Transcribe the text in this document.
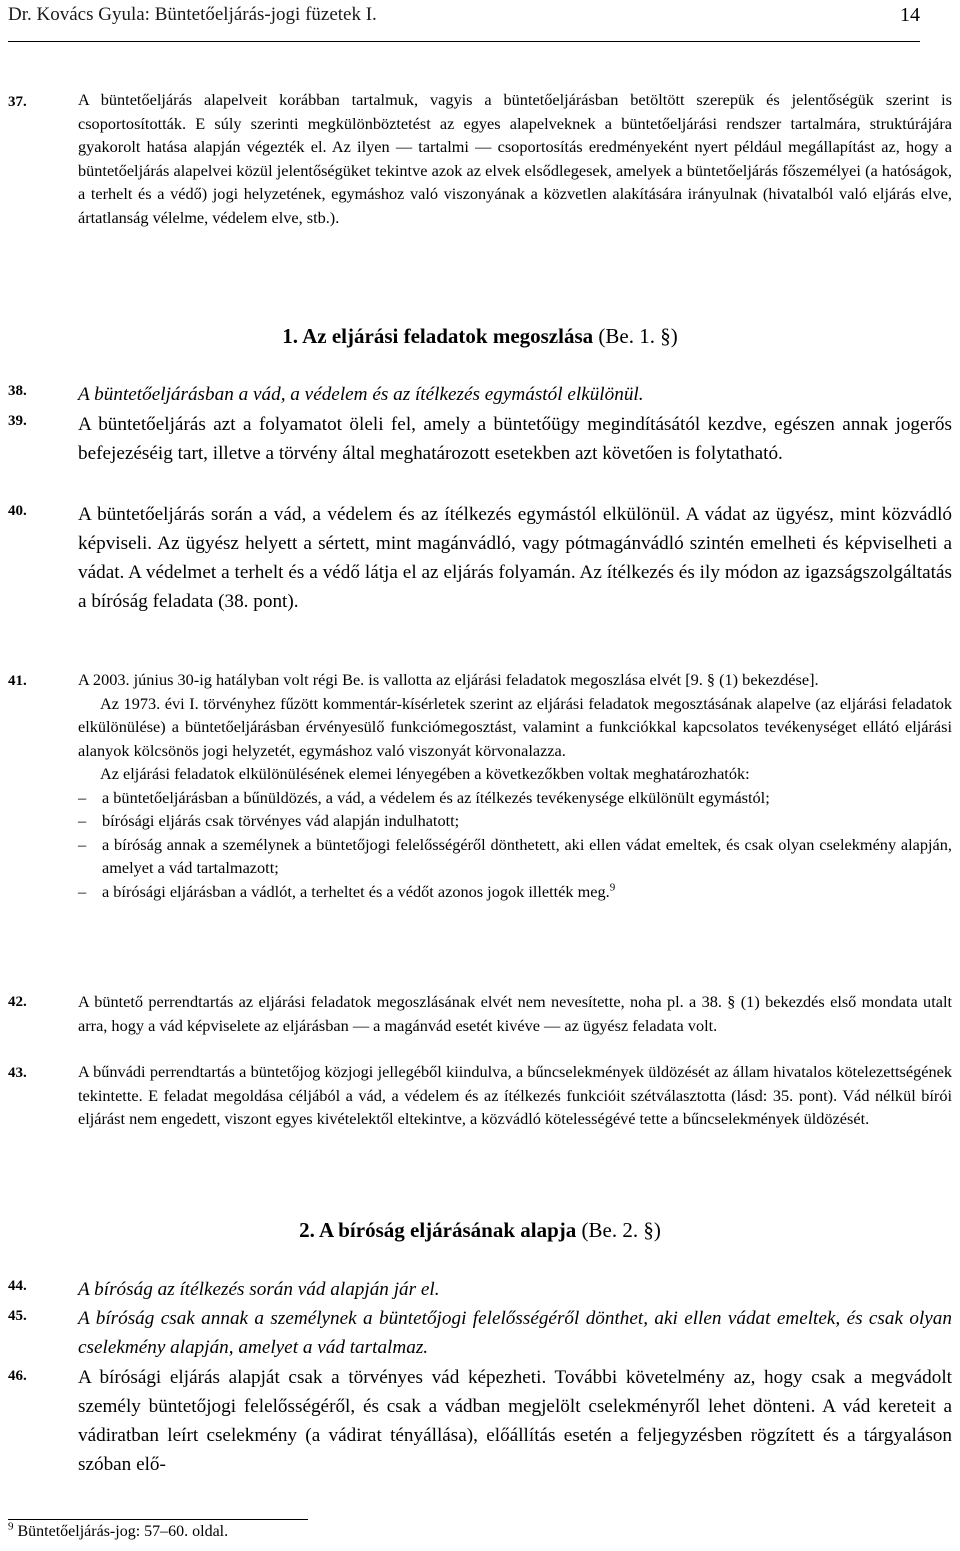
Dr. Kovács Gyula: Büntetőeljárás-jogi füzetek I.	14
37.	A büntetőeljárás alapelveit korábban tartalmuk, vagyis a büntetőeljárásban betöltött szerepük és jelentőségük szerint is csoportosították. E súly szerinti megkülönböztetést az egyes alapelveknek a büntetőeljárási rendszer tartalmára, struktúrájára gyakorolt hatása alapján végezték el. Az ilyen — tartalmi — csoportosítás eredményeként nyert például megállapítást az, hogy a büntetőeljárás alapelvei közül jelentőségüket tekintve azok az elvek elsődlegesek, amelyek a büntetőeljárás főszemélyei (a hatóságok, a terhelt és a védő) jogi helyzetének, egymáshoz való viszonyának a közvetlen alakítására irányulnak (hivatalból való eljárás elve, ártatlanság vélelme, védelem elve, stb.).
1. Az eljárási feladatok megoszlása (Be. 1. §)
38.	A büntetőeljárásban a vád, a védelem és az ítélkezés egymástól elkülönül.
39.	A büntetőeljárás azt a folyamatot öleli fel, amely a büntetőügy megindításától kezdve, egészen annak jogerős befejezéséig tart, illetve a törvény által meghatározott esetekben azt követően is folytatható.
40.	A büntetőeljárás során a vád, a védelem és az ítélkezés egymástól elkülönül. A vádat az ügyész, mint közvádló képviseli. Az ügyész helyett a sértett, mint magánvádló, vagy pótmagánvádló szintén emelheti és képviselheti a vádat. A védelmet a terhelt és a védő látja el az eljárás folyamán. Az ítélkezés és ily módon az igazságszolgáltatás a bíróság feladata (38. pont).
41.	A 2003. június 30-ig hatályban volt régi Be. is vallotta az eljárási feladatok megoszlása elvét [9. § (1) bekezdése].
Az 1973. évi I. törvényhez fűzött kommentár-kísérletek szerint az eljárási feladatok megosztásának alapelve (az eljárási feladatok elkülönülése) a büntetőeljárásban érvényesülő funkciómegosztást, valamint a funkciókkal kapcsolatos tevékenységet ellátó eljárási alanyok kölcsönös jogi helyzetét, egymáshoz való viszonyát körvonalazza.
Az eljárási feladatok elkülönülésének elemei lényegében a következőkben voltak meghatározhatók:
– a büntetőeljárásban a bűnüldözés, a vád, a védelem és az ítélkezés tevékenysége elkülönült egymástól;
– bírósági eljárás csak törvényes vád alapján indulhatott;
– a bíróság annak a személynek a büntetőjogi felelősségéről dönthetett, aki ellen vádat emeltek, és csak olyan cselekmény alapján, amelyet a vád tartalmazott;
– a bírósági eljárásban a vádlót, a terheltet és a védőt azonos jogok illették meg.$^9$
42.	A büntető perrendtartás az eljárási feladatok megoszlásának elvét nem nevesítette, noha pl. a 38. § (1) bekezdés első mondata utalt arra, hogy a vád képviselete az eljárásban — a magánvád esetét kivéve — az ügyész feladata volt.
43.	A bűnvádi perrendtartás a büntetőjog közjogi jellegéből kiindulva, a bűncselekmények üldözését az állam hivatalos kötelezettségének tekintette. E feladat megoldása céljából a vád, a védelem és az ítélkezés funkcióit szétválasztotta (lásd: 35. pont). Vád nélkül bírói eljárást nem engedett, viszont egyes kivételektől eltekintve, a közvádló kötelességévé tette a bűncselekmények üldözését.
2. A bíróság eljárásának alapja (Be. 2. §)
44.	A bíróság az ítélkezés során vád alapján jár el.
45.	A bíróság csak annak a személynek a büntetőjogi felelősségéről dönthet, aki ellen vádat emeltek, és csak olyan cselekmény alapján, amelyet a vád tartalmaz.
46.	A bírósági eljárás alapját csak a törvényes vád képezheti. További követelmény az, hogy csak a megvádolt személy büntetőjogi felelősségéről, és csak a vádban megjelölt cselekményről lehet dönteni. A vád kereteit a vádiratban leírt cselekmény (a vádirat tényállása), előállítás esetén a feljegyzésben rögzített és a tárgyaláson szóban elő-
$^9$ Büntetőeljárás-jog: 57–60. oldal.
